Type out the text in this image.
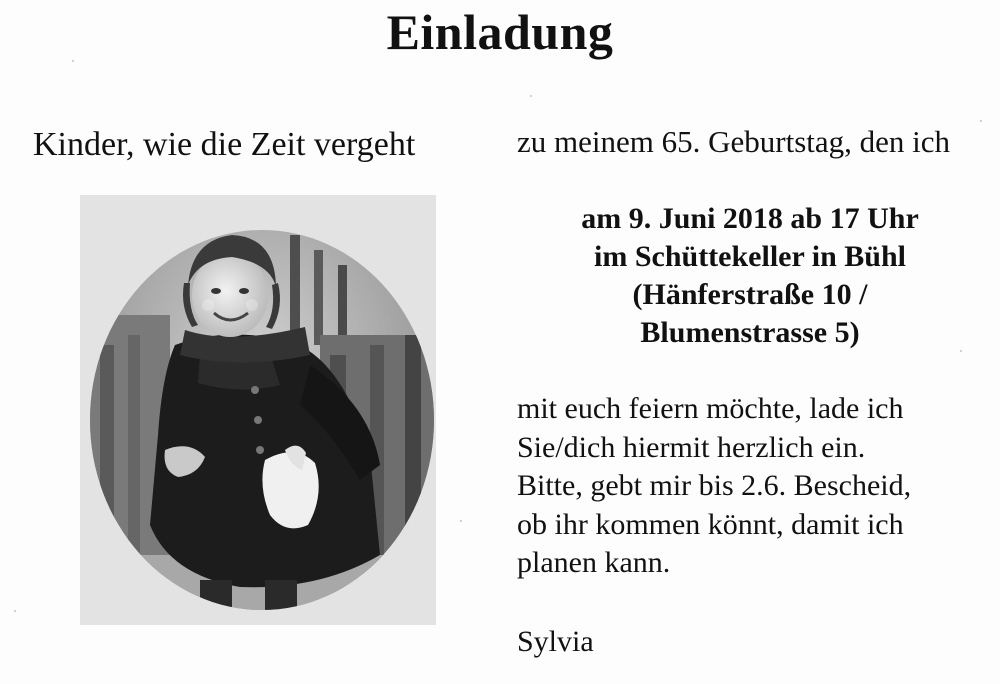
Einladung
Kinder, wie die Zeit vergeht	zu meinem 65. Geburtstag, den ich
am 9. Juni 2018 ab 17 Uhr
im Schüttekeller in Bühl
(Hänferstraße 10 /
Blumenstrasse 5)
mit euch feiern möchte, lade ich
Sie/dich hiermit herzlich ein.
Bitte, gebt mir bis 2.6. Bescheid,
ob ihr kommen könnt, damit ich
planen kann.
Sylvia
